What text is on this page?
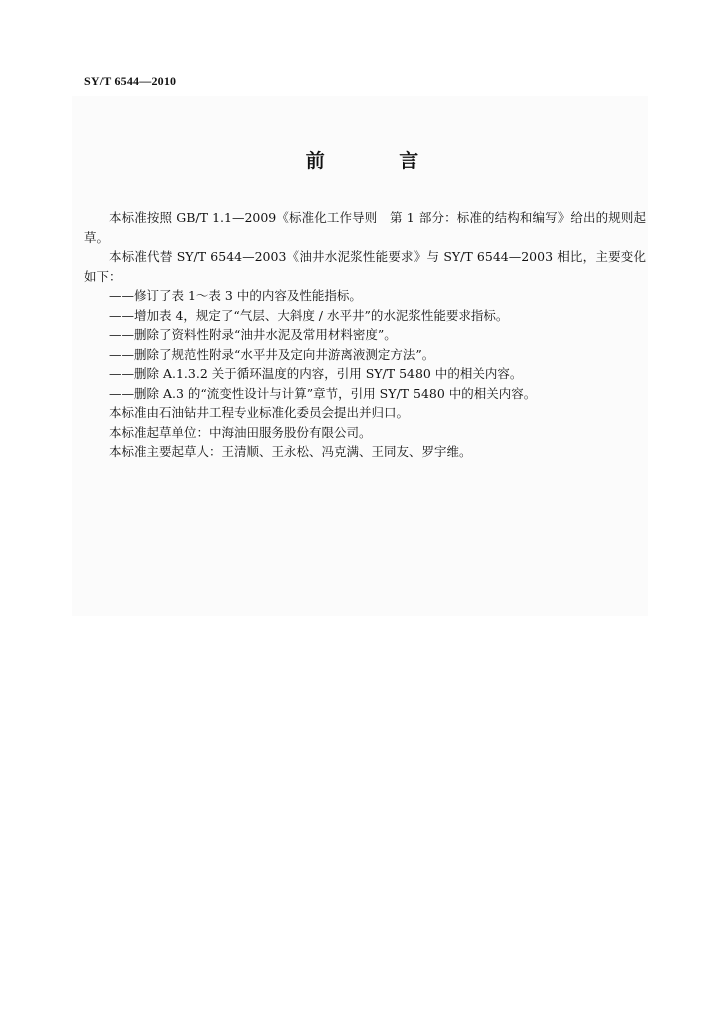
SY/T 6544—2010
前 言

本标准按照 GB/T 1.1—2009《标准化工作导则　第 1 部分：标准的结构和编写》给出的规则起草。

本标准代替 SY/T 6544—2003《油井水泥浆性能要求》与 SY/T 6544—2003 相比，主要变化如下：

——修订了表 1～表 3 中的内容及性能指标。

——增加表 4，规定了“气层、大斜度 / 水平井”的水泥浆性能要求指标。

——删除了资料性附录“油井水泥及常用材料密度”。

——删除了规范性附录“水平井及定向井游离液测定方法”。

——删除 A.1.3.2 关于循环温度的内容，引用 SY/T 5480 中的相关内容。

——删除 A.3 的“流变性设计与计算”章节，引用 SY/T 5480 中的相关内容。

本标准由石油钻井工程专业标准化委员会提出并归口。

本标准起草单位：中海油田服务股份有限公司。

本标准主要起草人：王清顺、王永松、冯克满、王同友、罗宇维。
